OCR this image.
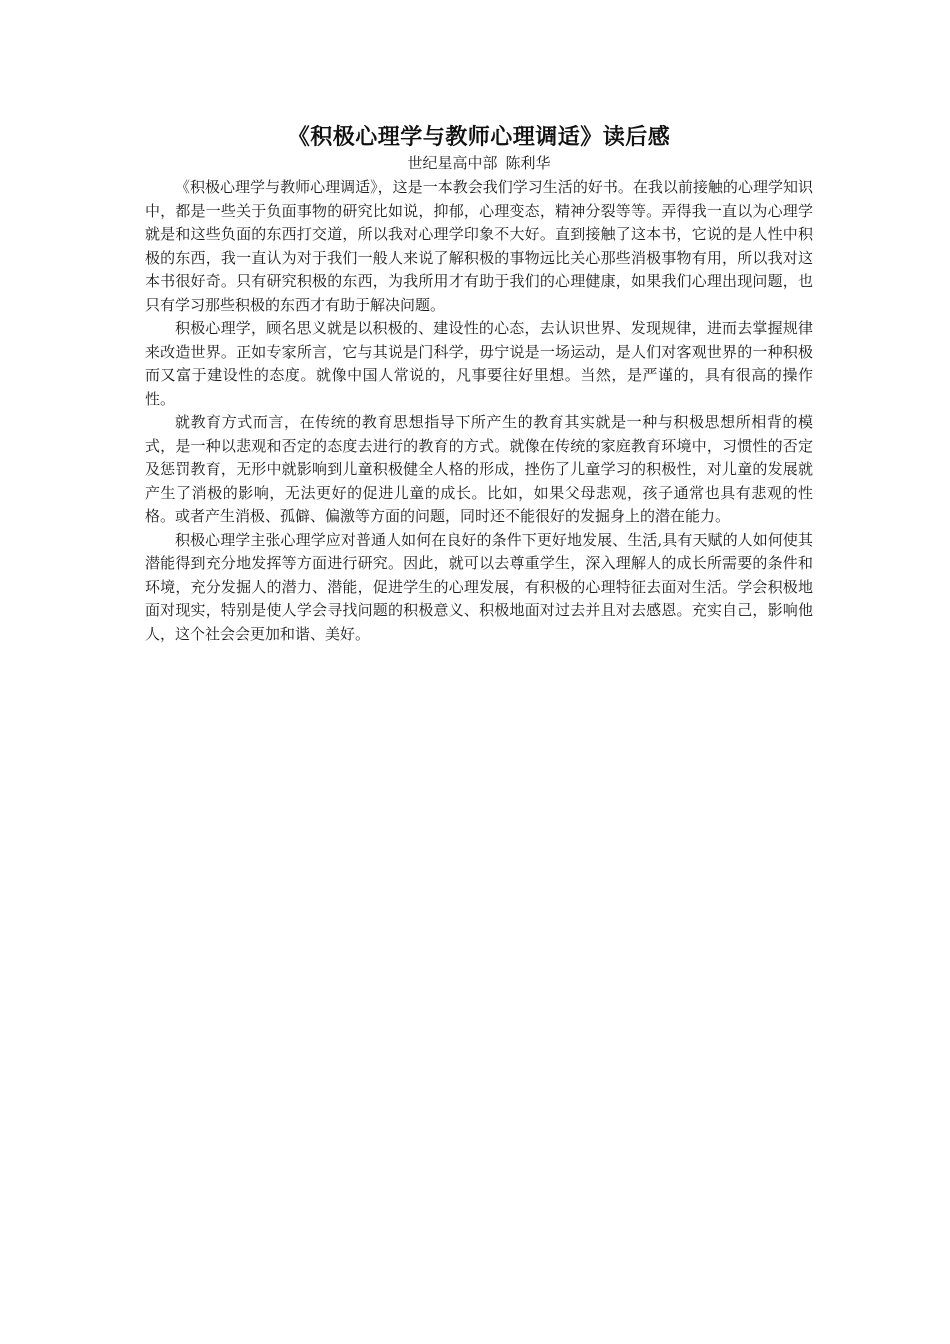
《积极心理学与教师心理调适》读后感
世纪星高中部 陈利华

《积极心理学与教师心理调适》，这是一本教会我们学习生活的好书。在我以前接触的心理学知识中，都是一些关于负面事物的研究比如说，抑郁，心理变态，精神分裂等等。弄得我一直以为心理学就是和这些负面的东西打交道，所以我对心理学印象不大好。直到接触了这本书，它说的是人性中积极的东西，我一直认为对于我们一般人来说了解积极的事物远比关心那些消极事物有用，所以我对这本书很好奇。只有研究积极的东西，为我所用才有助于我们的心理健康，如果我们心理出现问题，也只有学习那些积极的东西才有助于解决问题。

积极心理学，顾名思义就是以积极的、建设性的心态，去认识世界、发现规律，进而去掌握规律来改造世界。正如专家所言，它与其说是门科学，毋宁说是一场运动，是人们对客观世界的一种积极而又富于建设性的态度。就像中国人常说的，凡事要往好里想。当然，是严谨的，具有很高的操作性。

就教育方式而言，在传统的教育思想指导下所产生的教育其实就是一种与积极思想所相背的模式，是一种以悲观和否定的态度去进行的教育的方式。就像在传统的家庭教育环境中，习惯性的否定及惩罚教育，无形中就影响到儿童积极健全人格的形成，挫伤了儿童学习的积极性，对儿童的发展就产生了消极的影响，无法更好的促进儿童的成长。比如，如果父母悲观，孩子通常也具有悲观的性格。或者产生消极、孤僻、偏激等方面的问题，同时还不能很好的发掘身上的潜在能力。

积极心理学主张心理学应对普通人如何在良好的条件下更好地发展、生活,具有天赋的人如何使其潜能得到充分地发挥等方面进行研究。因此，就可以去尊重学生，深入理解人的成长所需要的条件和环境，充分发掘人的潜力、潜能，促进学生的心理发展，有积极的心理特征去面对生活。学会积极地面对现实，特别是使人学会寻找问题的积极意义、积极地面对过去并且对去感恩。充实自己，影响他人，这个社会会更加和谐、美好。
